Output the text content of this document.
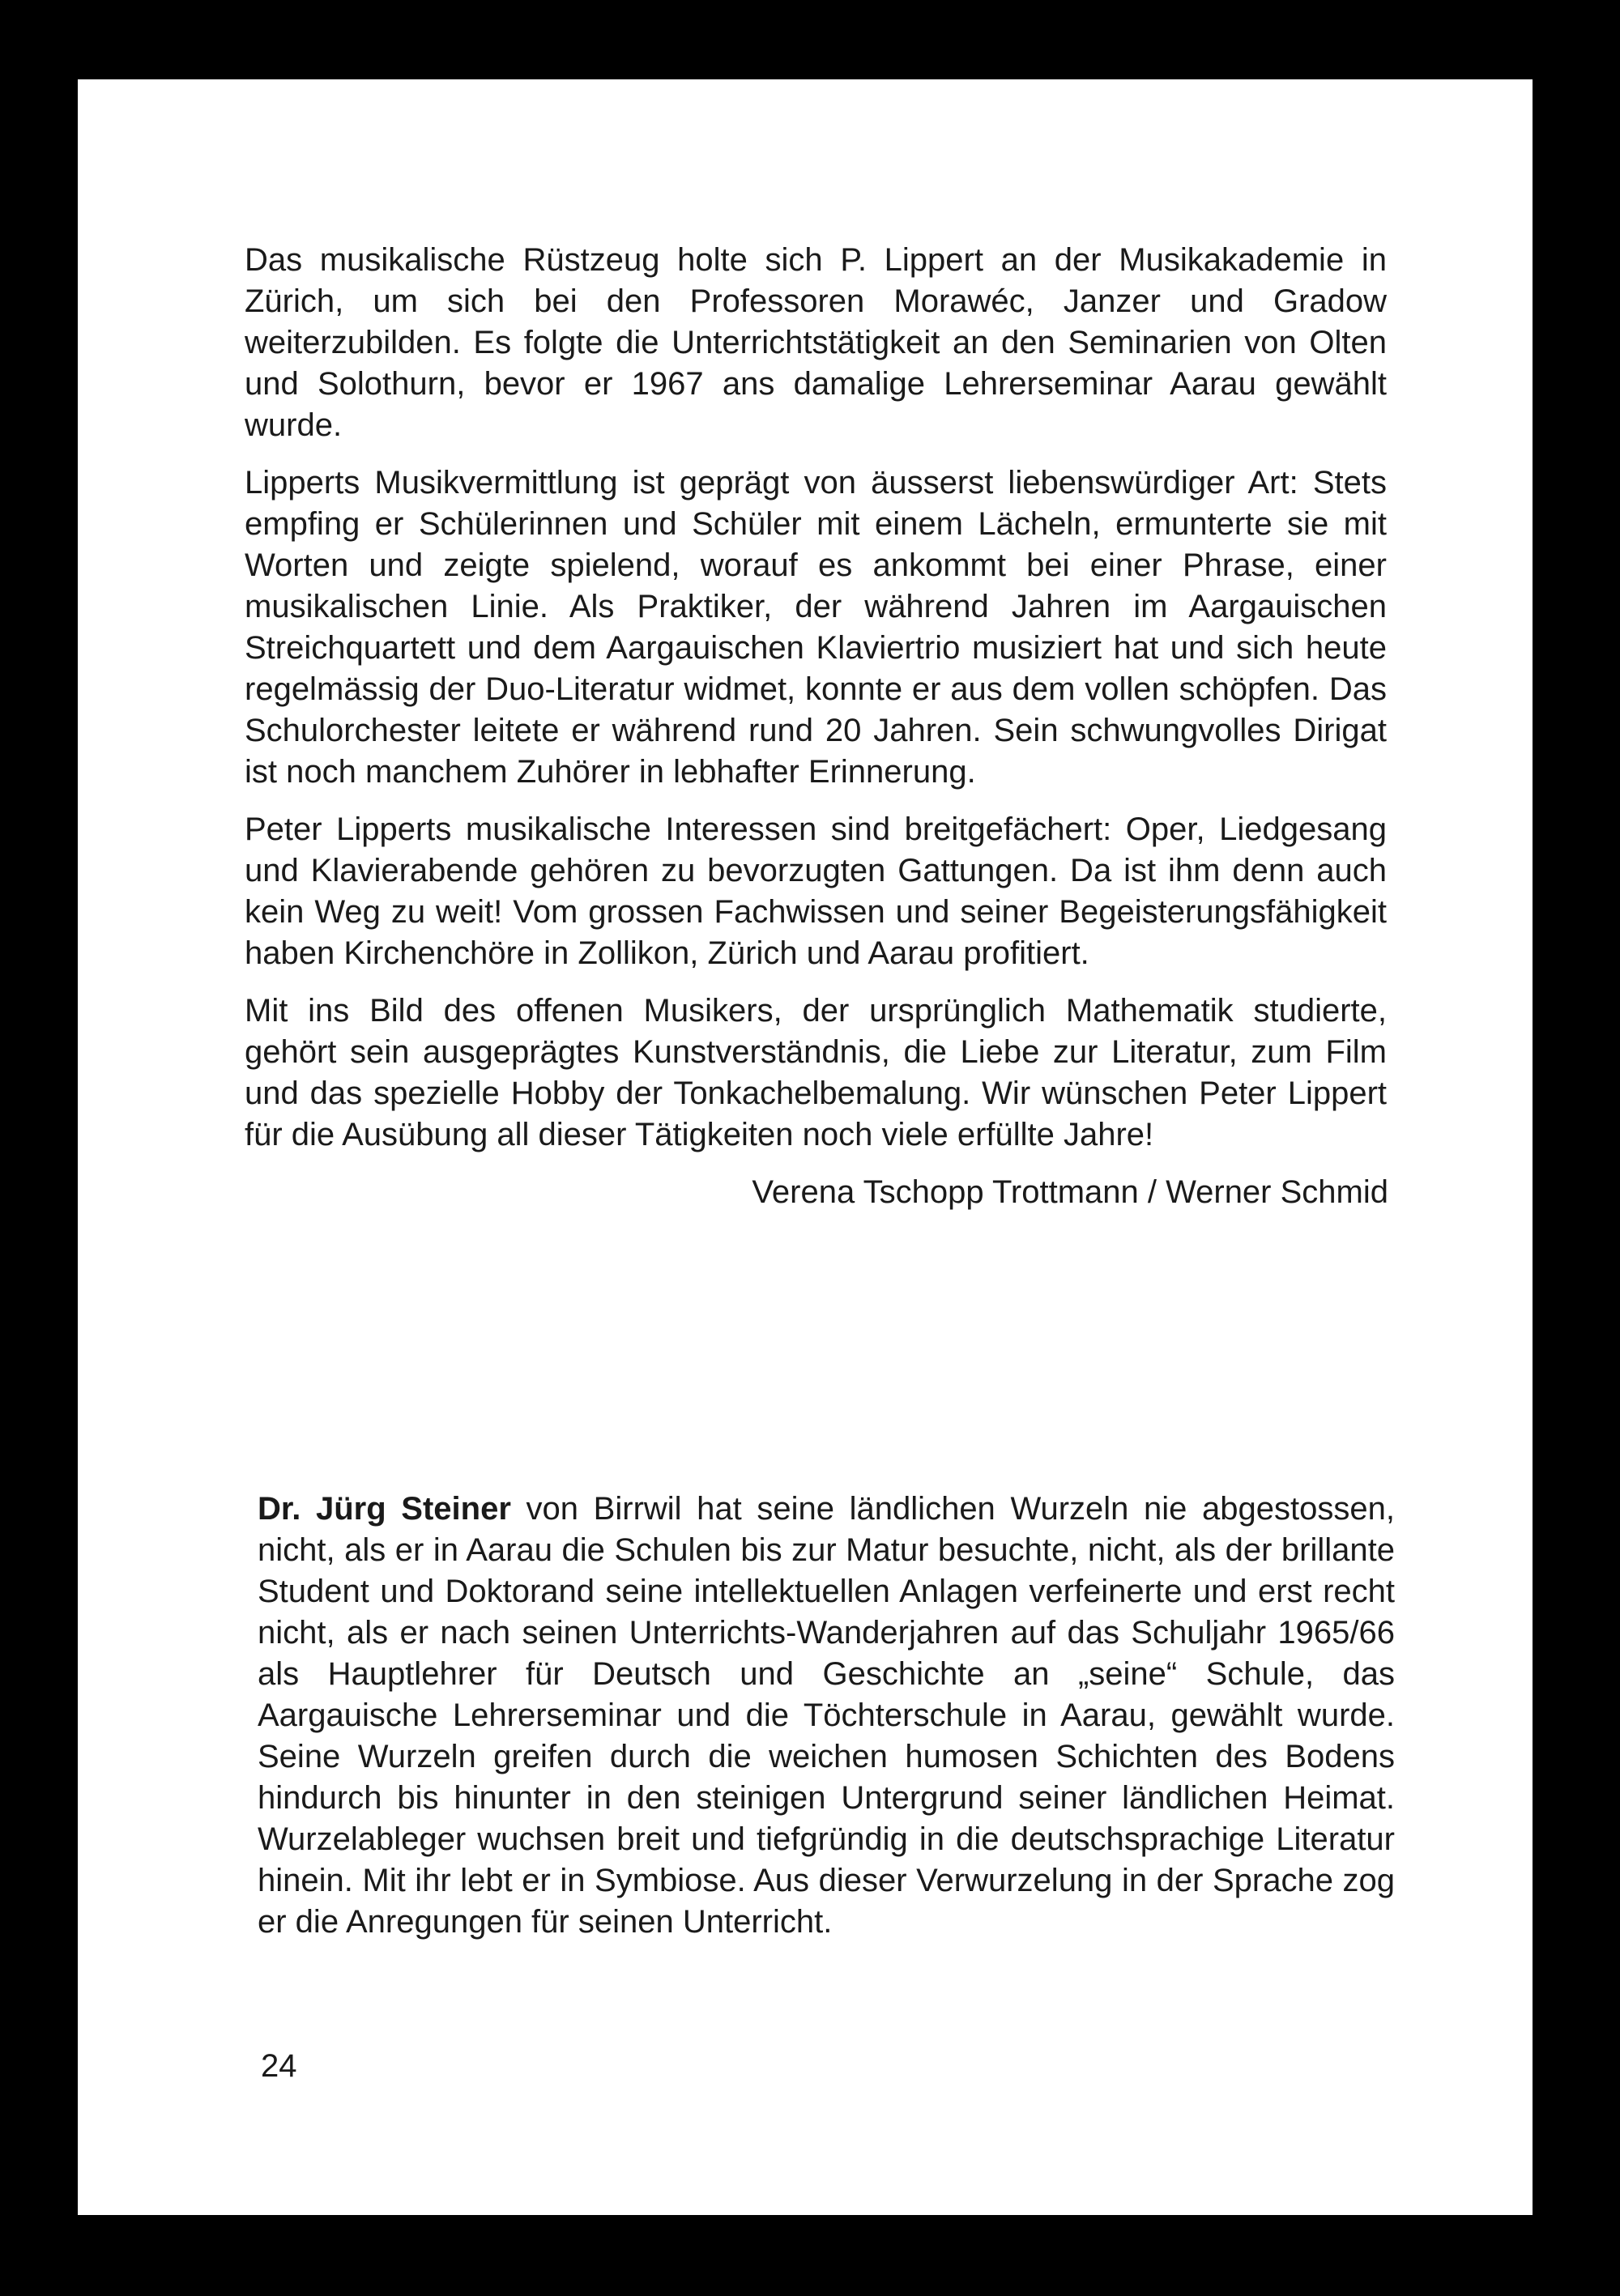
Das musikalische Rüstzeug holte sich P. Lippert an der Musikakademie in Zürich, um sich bei den Professoren Morawéc, Janzer und Gradow weiterzubilden. Es folgte die Unterrichtstätigkeit an den Seminarien von Olten und Solothurn, bevor er 1967 ans damalige Lehrerseminar Aarau gewählt wurde.

Lipperts Musikvermittlung ist geprägt von äusserst liebenswürdiger Art: Stets empfing er Schülerinnen und Schüler mit einem Lächeln, ermunterte sie mit Worten und zeigte spielend, worauf es ankommt bei einer Phrase, einer musikalischen Linie. Als Praktiker, der während Jahren im Aargauischen Streichquartett und dem Aargauischen Klaviertrio musiziert hat und sich heute regelmässig der Duo-Literatur widmet, konnte er aus dem vollen schöpfen. Das Schulorchester leitete er während rund 20 Jahren. Sein schwungvolles Dirigat ist noch manchem Zuhörer in lebhafter Erinnerung.

Peter Lipperts musikalische Interessen sind breitgefächert: Oper, Liedgesang und Klavierabende gehören zu bevorzugten Gattungen. Da ist ihm denn auch kein Weg zu weit! Vom grossen Fachwissen und seiner Begeisterungsfähigkeit haben Kirchenchöre in Zollikon, Zürich und Aarau profitiert.

Mit ins Bild des offenen Musikers, der ursprünglich Mathematik studierte, gehört sein ausgeprägtes Kunstverständnis, die Liebe zur Literatur, zum Film und das spezielle Hobby der Tonkachelbemalung. Wir wünschen Peter Lippert für die Ausübung all dieser Tätigkeiten noch viele erfüllte Jahre!

Verena Tschopp Trottmann / Werner Schmid

Dr. Jürg Steiner von Birrwil hat seine ländlichen Wurzeln nie abgestossen, nicht, als er in Aarau die Schulen bis zur Matur besuchte, nicht, als der brillante Student und Doktorand seine intellektuellen Anlagen verfeinerte und erst recht nicht, als er nach seinen Unterrichts-Wanderjahren auf das Schuljahr 1965/66 als Hauptlehrer für Deutsch und Geschichte an „seine“ Schule, das Aargauische Lehrerseminar und die Töchterschule in Aarau, gewählt wurde. Seine Wurzeln greifen durch die weichen humosen Schichten des Bodens hindurch bis hinunter in den steinigen Untergrund seiner ländlichen Heimat. Wurzelableger wuchsen breit und tiefgründig in die deutschsprachige Literatur hinein. Mit ihr lebt er in Symbiose. Aus dieser Verwurzelung in der Sprache zog er die Anregungen für seinen Unterricht.

24
